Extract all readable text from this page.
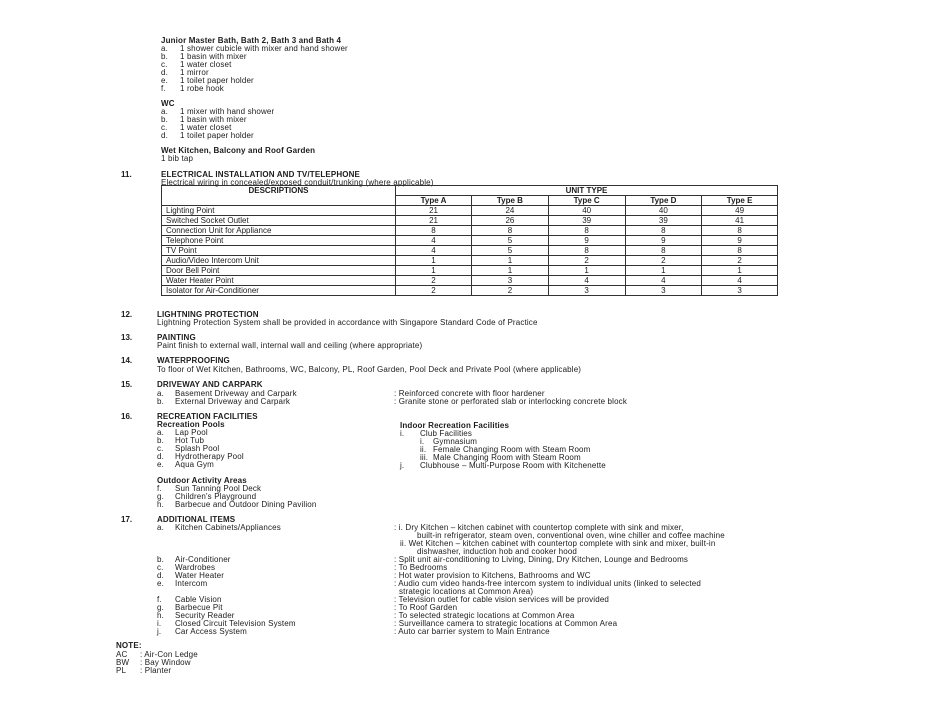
Junior Master Bath, Bath 2, Bath 3 and Bath 4
a. 1 shower cubicle with mixer and hand shower
b. 1 basin with mixer
c. 1 water closet
d. 1 mirror
e. 1 toilet paper holder
f. 1 robe hook
WC
a. 1 mixer with hand shower
b. 1 basin with mixer
c. 1 water closet
d. 1 toilet paper holder
Wet Kitchen, Balcony and Roof Garden
1 bib tap
11.	ELECTRICAL INSTALLATION AND TV/TELEPHONE
Electrical wiring in concealed/exposed conduit/trunking (where applicable)
DESCRIPTIONS	UNIT TYPE				
	Type A	Type B	Type C	Type D	Type E
Lighting Point	21	24	40	40	49
Switched Socket Outlet	21	26	39	39	41
Connection Unit for Appliance	8	8	8	8	8
Telephone Point	4	5	9	9	9
TV Point	4	5	8	8	8
Audio/Video Intercom Unit	1	1	2	2	2
Door Bell Point	1	1	1	1	1
Water Heater Point	2	3	4	4	4
Isolator for Air-Conditioner	2	2	3	3	3
12.	LIGHTNING PROTECTION
Lightning Protection System shall be provided in accordance with Singapore Standard Code of Practice
13.	PAINTING
Paint finish to external wall, internal wall and ceiling (where appropriate)
14.	WATERPROOFING
To floor of Wet Kitchen, Bathrooms, WC, Balcony, PL, Roof Garden, Pool Deck and Private Pool (where applicable)
15.	DRIVEWAY AND CARPARK
a. Basement Driveway and Carpark	: Reinforced concrete with floor hardener
b. External Driveway and Carpark	: Granite stone or perforated slab or interlocking concrete block
16.	RECREATION FACILITIES
Recreation Pools
a. Lap Pool
b. Hot Tub
c. Splash Pool
d. Hydrotherapy Pool
e. Aqua Gym
Outdoor Activity Areas
f. Sun Tanning Pool Deck
g. Children's Playground
h. Barbecue and Outdoor Dining Pavilion
Indoor Recreation Facilities
i. Club Facilities
i. Gymnasium
ii. Female Changing Room with Steam Room
iii. Male Changing Room with Steam Room
j. Clubhouse – Multi-Purpose Room with Kitchenette
17.	ADDITIONAL ITEMS
a. Kitchen Cabinets/Appliances	: i. Dry Kitchen – kitchen cabinet with countertop complete with sink and mixer,
built-in refrigerator, steam oven, conventional oven, wine chiller and coffee machine
ii. Wet Kitchen – kitchen cabinet with countertop complete with sink and mixer, built-in
dishwasher, induction hob and cooker hood
b. Air-Conditioner	: Split unit air-conditioning to Living, Dining, Dry Kitchen, Lounge and Bedrooms
c. Wardrobes	: To Bedrooms
d. Water Heater	: Hot water provision to Kitchens, Bathrooms and WC
e. Intercom	: Audio cum video hands-free intercom system to individual units (linked to selected
strategic locations at Common Area)
f. Cable Vision	: Television outlet for cable vision services will be provided
g. Barbecue Pit	: To Roof Garden
h. Security Reader	: To selected strategic locations at Common Area
i. Closed Circuit Television System	: Surveillance camera to strategic locations at Common Area
j. Car Access System	: Auto car barrier system to Main Entrance
NOTE:
AC : Air-Con Ledge
BW : Bay Window
PL : Planter
